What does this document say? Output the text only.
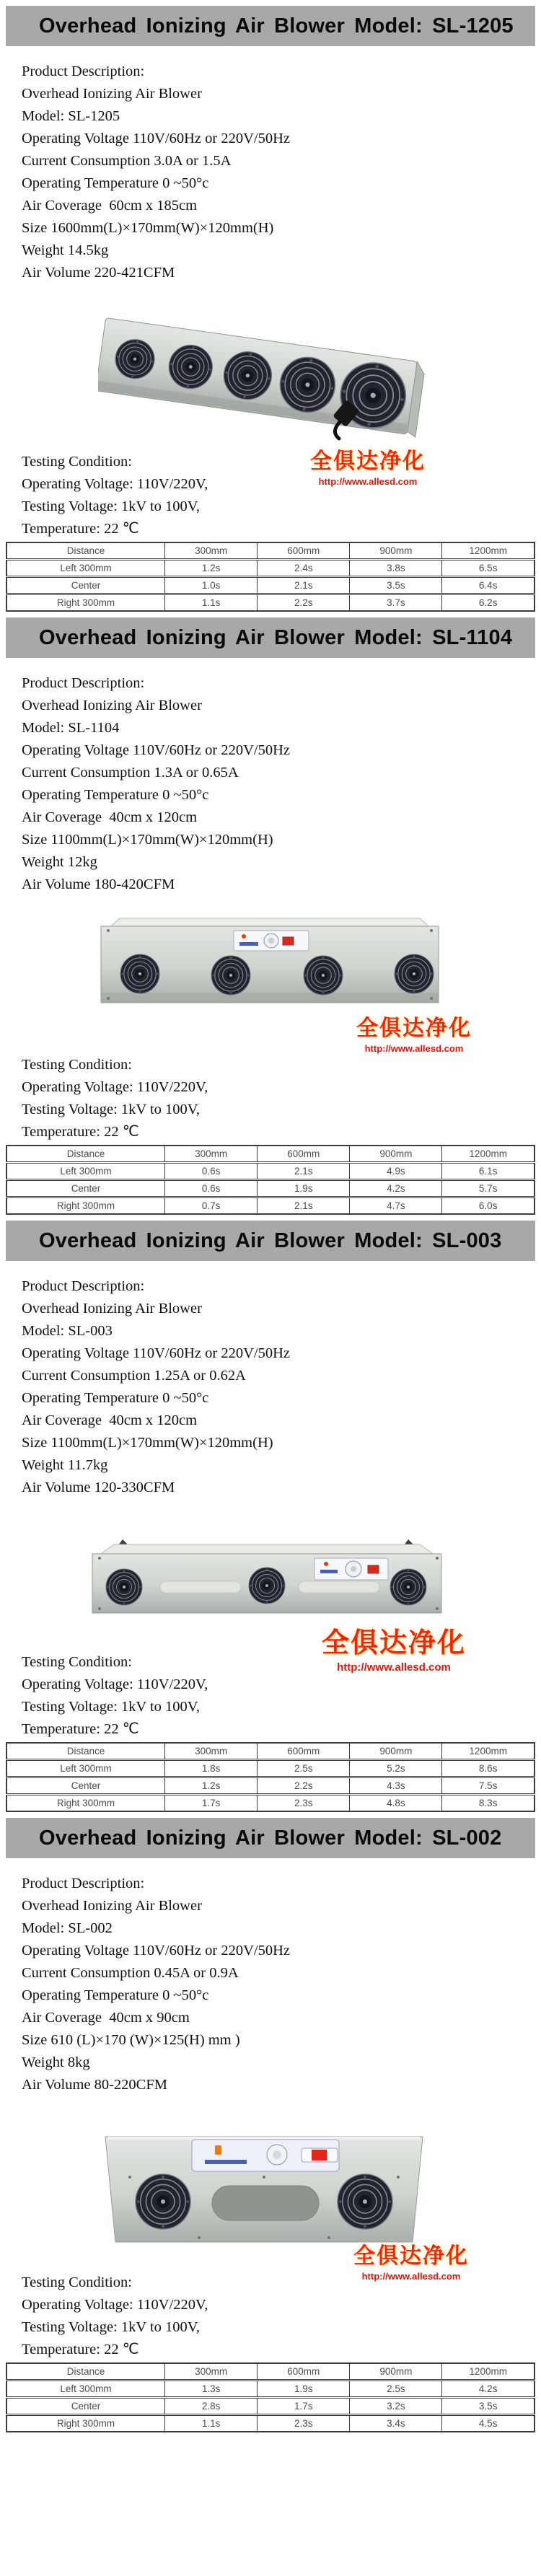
Overhead Ionizing Air Blower Model: SL-1205
Product Description:
Overhead Ionizing Air Blower
Model: SL-1205
Operating Voltage 110V/60Hz or 220V/50Hz
Current Consumption 3.0A or 1.5A
Operating Temperature 0 ~50°c
Air Coverage  60cm x 185cm
Size 1600mm(L)×170mm(W)×120mm(H)
Weight 14.5kg
Air Volume 220-421CFM
全俱达净化
http://www.allesd.com
Testing Condition:
Operating Voltage: 110V/220V,
Testing Voltage: 1kV to 100V,
Temperature: 22 ℃
Distance	300mm	600mm	900mm	1200mm
Left 300mm	1.2s	2.4s	3.8s	6.5s
Center	1.0s	2.1s	3.5s	6.4s
Right 300mm	1.1s	2.2s	3.7s	6.2s
Overhead Ionizing Air Blower Model: SL-1104
Product Description:
Overhead Ionizing Air Blower
Model: SL-1104
Operating Voltage 110V/60Hz or 220V/50Hz
Current Consumption 1.3A or 0.65A
Operating Temperature 0 ~50°c
Air Coverage  40cm x 120cm
Size 1100mm(L)×170mm(W)×120mm(H)
Weight 12kg
Air Volume 180-420CFM
全俱达净化
http://www.allesd.com
Testing Condition:
Operating Voltage: 110V/220V,
Testing Voltage: 1kV to 100V,
Temperature: 22 ℃
Distance	300mm	600mm	900mm	1200mm
Left 300mm	0.6s	2.1s	4.9s	6.1s
Center	0.6s	1.9s	4.2s	5.7s
Right 300mm	0.7s	2.1s	4.7s	6.0s
Overhead Ionizing Air Blower Model: SL-003
Product Description:
Overhead Ionizing Air Blower
Model: SL-003
Operating Voltage 110V/60Hz or 220V/50Hz
Current Consumption 1.25A or 0.62A
Operating Temperature 0 ~50°c
Air Coverage  40cm x 120cm
Size 1100mm(L)×170mm(W)×120mm(H)
Weight 11.7kg
Air Volume 120-330CFM
全俱达净化
http://www.allesd.com
Testing Condition:
Operating Voltage: 110V/220V,
Testing Voltage: 1kV to 100V,
Temperature: 22 ℃
Distance	300mm	600mm	900mm	1200mm
Left 300mm	1.8s	2.5s	5.2s	8.6s
Center	1.2s	2.2s	4.3s	7.5s
Right 300mm	1.7s	2.3s	4.8s	8.3s
Overhead Ionizing Air Blower Model: SL-002
Product Description:
Overhead Ionizing Air Blower
Model: SL-002
Operating Voltage 110V/60Hz or 220V/50Hz
Current Consumption 0.45A or 0.9A
Operating Temperature 0 ~50°c
Air Coverage  40cm x 90cm
Size 610 (L)×170 (W)×125(H) mm )
Weight 8kg
Air Volume 80-220CFM
全俱达净化
http://www.allesd.com
Testing Condition:
Operating Voltage: 110V/220V,
Testing Voltage: 1kV to 100V,
Temperature: 22 ℃
Distance	300mm	600mm	900mm	1200mm
Left 300mm	1.3s	1.9s	2.5s	4.2s
Center	2.8s	1.7s	3.2s	3.5s
Right 300mm	1.1s	2.3s	3.4s	4.5s
